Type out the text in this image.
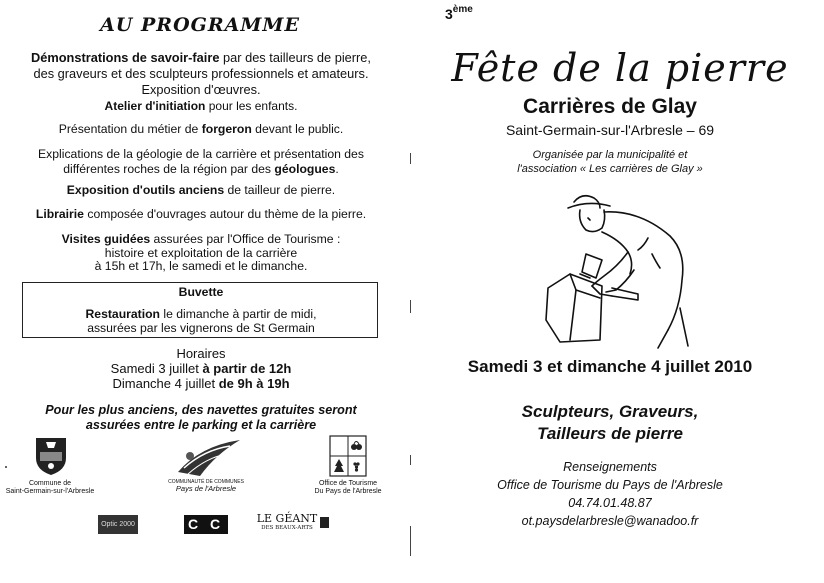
AU PROGRAMME
Démonstrations de savoir-faire par des tailleurs de pierre, des graveurs et des sculpteurs professionnels et amateurs. Exposition d'œuvres.
Atelier d'initiation pour les enfants.
Présentation du métier de forgeron devant le public.
Explications de la géologie de la carrière et présentation des différentes roches de la région par des géologues.
Exposition d'outils anciens de tailleur de pierre.
Librairie composée d'ouvrages autour du thème de la pierre.
Visites guidées assurées par l'Office de Tourisme :
histoire et exploitation de la carrière
à 15h et 17h, le samedi et le dimanche.
Buvette
Restauration le dimanche à partir de midi,
assurées par les vignerons de St Germain
Horaires
Samedi 3 juillet à partir de 12h
Dimanche 4 juillet de 9h à 19h
Pour les plus anciens, des navettes gratuites seront
assurées entre le parking et la carrière
Commune de
Saint-Germain-sur-l'Arbresle
COMMUNAUTÉ DE COMMUNES
Pays de l'Arbresle
Office de Tourisme
Du Pays de l'Arbresle
Optic 2000	C C	LE GÉANT
DES BEAUX-ARTS
3ème
Fête de la pierre
Carrières de Glay
Saint-Germain-sur-l'Arbresle – 69
Organisée par la municipalité et
l'association « Les carrières de Glay »
Samedi 3 et dimanche 4 juillet 2010
Sculpteurs, Graveurs,
Tailleurs de pierre
Renseignements
Office de Tourisme du Pays de l'Arbresle
04.74.01.48.87
ot.paysdelarbresle@wanadoo.fr
